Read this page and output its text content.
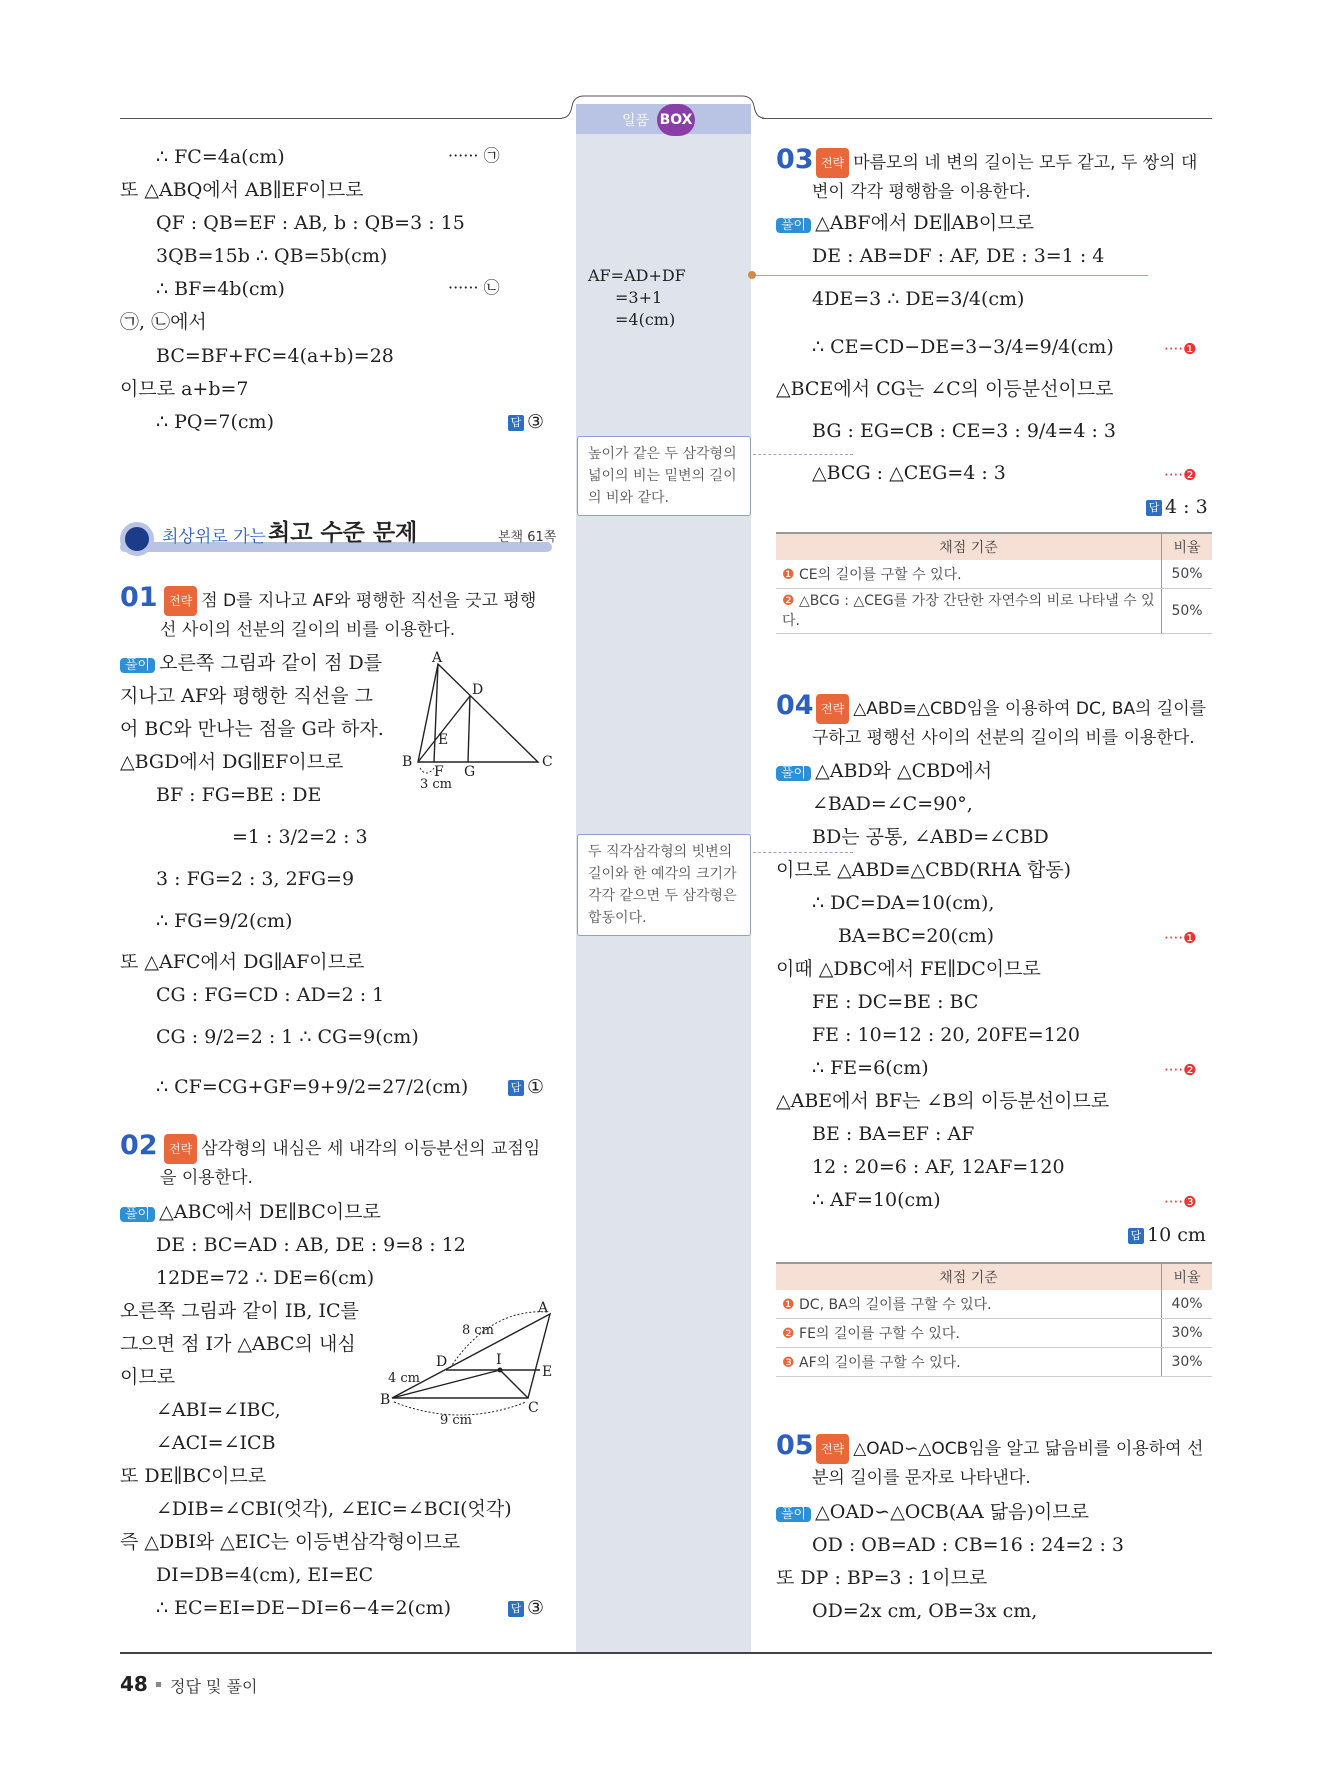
일품 BOX
∴ FC=4a(cm)	······ ㉠
또 △ABQ에서 AB∥EF이므로
QF : QB=EF : AB, b : QB=3 : 15
3QB=15b ∴ QB=5b(cm)
∴ BF=4b(cm)	······ ㉡
㉠, ㉡에서
BC=BF+FC=4(a+b)=28
이므로 a+b=7
∴ PQ=7(cm)	답 ③
최상위로 가는 최고 수준 문제	본책 61쪽
01 전략 점 D를 지나고 AF와 평행한 직선을 긋고 평행선 사이의 선분의 길이의 비를 이용한다.
풀이 오른쪽 그림과 같이 점 D를
지나고 AF와 평행한 직선을 그
어 BC와 만나는 점을 G라 하자.
△BGD에서 DG∥EF이므로
BF : FG=BE : DE
=1 : 3/2=2 : 3
3 : FG=2 : 3, 2FG=9
∴ FG=9/2(cm)
또 △AFC에서 DG∥AF이므로
CG : FG=CD : AD=2 : 1
CG : 9/2=2 : 1 ∴ CG=9(cm)
∴ CF=CG+GF=9+9/2=27/2(cm)	답 ①
A
D
E
B
F G
C
3 cm
02 전략 삼각형의 내심은 세 내각의 이등분선의 교점임을 이용한다.
풀이 △ABC에서 DE∥BC이므로
DE : BC=AD : AB, DE : 9=8 : 12
12DE=72 ∴ DE=6(cm)
오른쪽 그림과 같이 IB, IC를
그으면 점 I가 △ABC의 내심
이므로
∠ABI=∠IBC,
∠ACI=∠ICB
또 DE∥BC이므로
∠DIB=∠CBI(엇각), ∠EIC=∠BCI(엇각)
즉 △DBI와 △EIC는 이등변삼각형이므로
DI=DB=4(cm), EI=EC
∴ EC=EI=DE−DI=6−4=2(cm)	답 ③
A
B	C
D
E
I
8 cm
4 cm
9 cm
AF=AD+DF
=3+1
=4(cm)
높이가 같은 두 삼각형의 넓이의 비는 밑변의 길이의 비와 같다.
두 직각삼각형의 빗변의 길이와 한 예각의 크기가 각각 같으면 두 삼각형은 합동이다.
03 전략 마름모의 네 변의 길이는 모두 같고, 두 쌍의 대변이 각각 평행함을 이용한다.
풀이 △ABF에서 DE∥AB이므로
DE : AB=DF : AF, DE : 3=1 : 4
4DE=3 ∴ DE=3/4(cm)
∴ CE=CD−DE=3−3/4=9/4(cm)	····❶
△BCE에서 CG는 ∠C의 이등분선이므로
BG : EG=CB : CE=3 : 9/4=4 : 3
△BCG : △CEG=4 : 3	····❷
답 4 : 3
채점 기준	비율
❶ CE의 길이를 구할 수 있다.	50%
❷ △BCG : △CEG를 가장 간단한 자연수의 비로 나타낼 수 있다.	50%
04 전략 △ABD≡△CBD임을 이용하여 DC, BA의 길이를 구하고 평행선 사이의 선분의 길이의 비를 이용한다.
풀이 △ABD와 △CBD에서
∠BAD=∠C=90°,
BD는 공통, ∠ABD=∠CBD
이므로 △ABD≡△CBD(RHA 합동)
∴ DC=DA=10(cm),
BA=BC=20(cm)	····❶
이때 △DBC에서 FE∥DC이므로
FE : DC=BE : BC
FE : 10=12 : 20, 20FE=120
∴ FE=6(cm)	····❷
△ABE에서 BF는 ∠B의 이등분선이므로
BE : BA=EF : AF
12 : 20=6 : AF, 12AF=120
∴ AF=10(cm)	····❸
답 10 cm
채점 기준	비율
❶ DC, BA의 길이를 구할 수 있다.	40%
❷ FE의 길이를 구할 수 있다.	30%
❸ AF의 길이를 구할 수 있다.	30%
05 전략 △OAD∽△OCB임을 알고 닮음비를 이용하여 선분의 길이를 문자로 나타낸다.
풀이 △OAD∽△OCB(AA 닮음)이므로
OD : OB=AD : CB=16 : 24=2 : 3
또 DP : BP=3 : 1이므로
OD=2x cm, OB=3x cm,
48 정답 및 풀이
